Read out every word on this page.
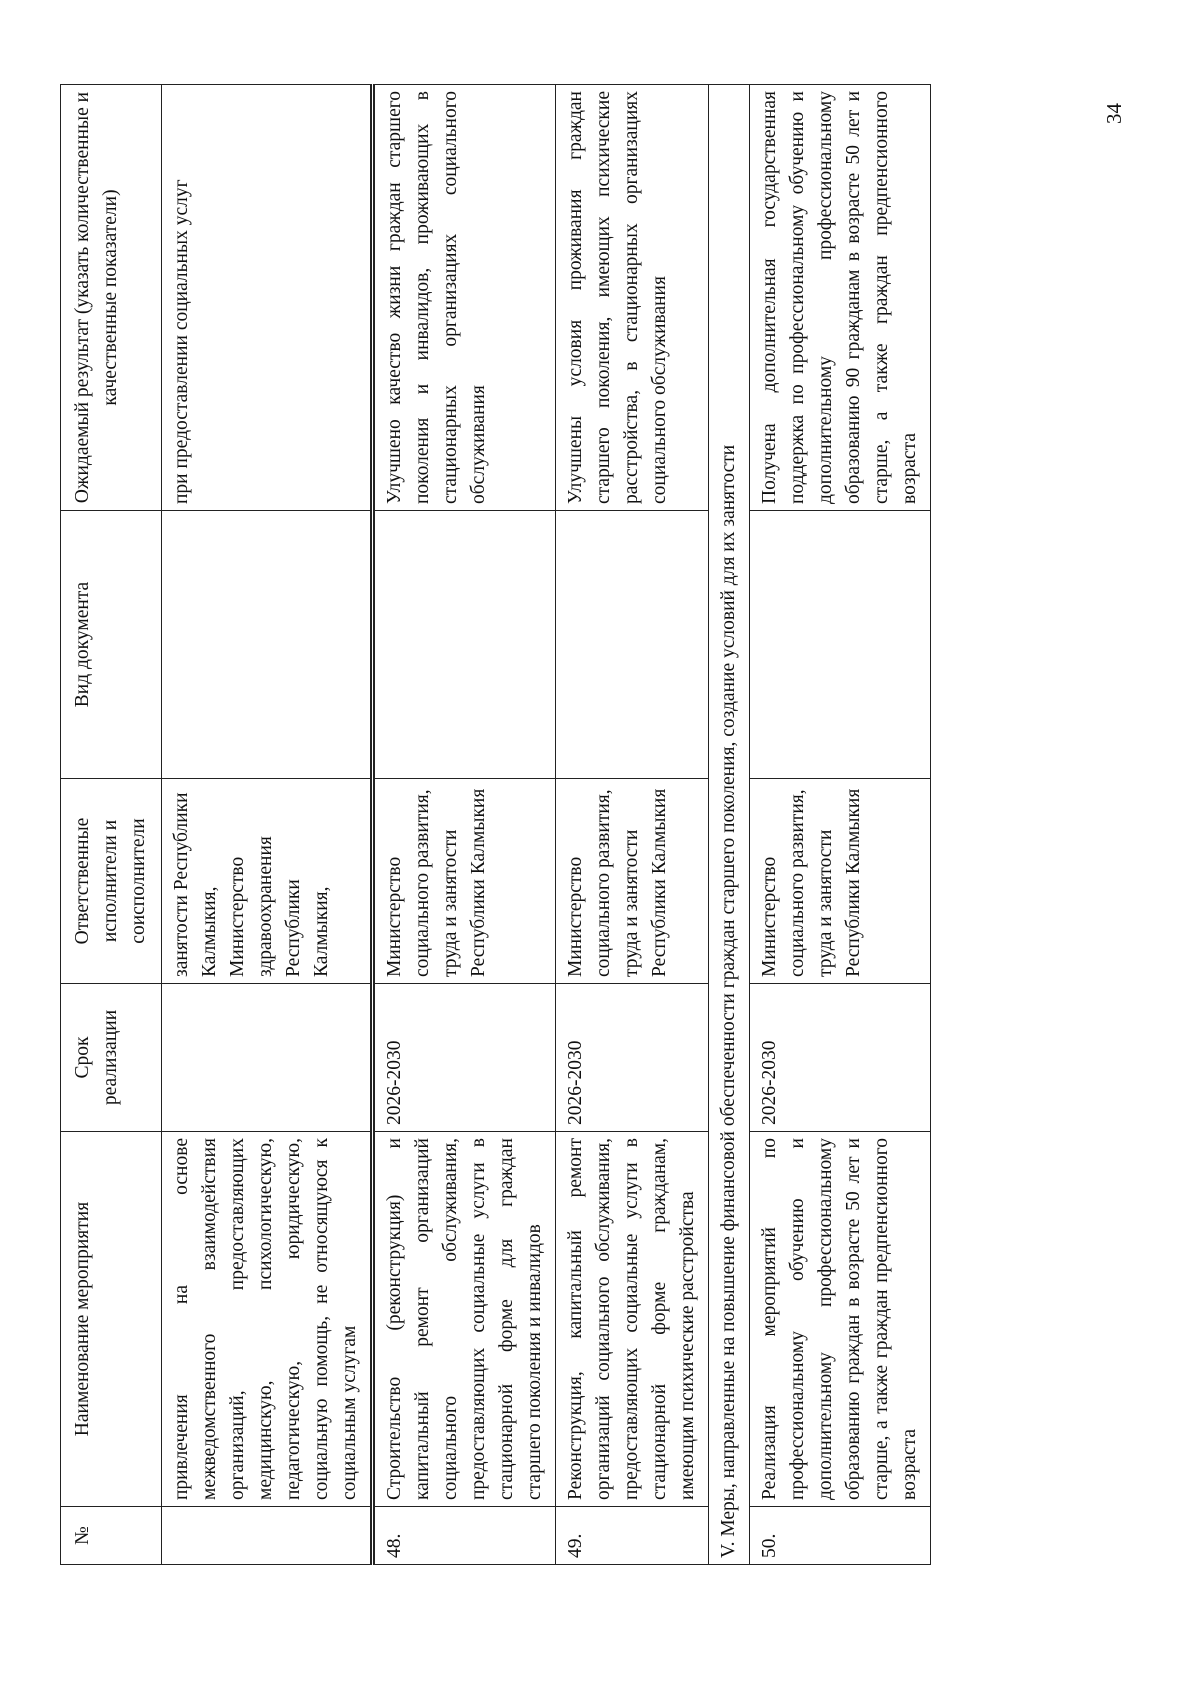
№	Наименование мероприятия	Срок реализации	Ответственные исполнители и соисполнители	Вид документа	Ожидаемый результат (указать количественные и качественные показатели)
	привлечения на основе межведомственного взаимодействия организаций, предоставляющих медицинскую, психологическую, педагогическую, юридическую, социальную помощь, не относящуюся к социальным услугам		занятости Республики Калмыкия, Министерство здравоохранения Республики Калмыкия,		при предоставлении социальных услуг
48.	Строительство (реконструкция) и капитальный ремонт организаций социального обслуживания, предоставляющих социальные услуги в стационарной форме для граждан старшего поколения и инвалидов	2026-2030	Министерство социального развития, труда и занятости Республики Калмыкия		Улучшено качество жизни граждан старшего поколения и инвалидов, проживающих в стационарных организациях социального обслуживания
49.	Реконструкция, капитальный ремонт организаций социального обслуживания, предоставляющих социальные услуги в стационарной форме гражданам, имеющим психические расстройства	2026-2030	Министерство социального развития, труда и занятости Республики Калмыкия		Улучшены условия проживания граждан старшего поколения, имеющих психические расстройства, в стационарных организациях социального обслуживания
V. Меры, направленные на повышение финансовой обеспеченности граждан старшего поколения, создание условий для их занятости					
50.	Реализация мероприятий по профессиональному обучению и дополнительному профессиональному образованию граждан в возрасте 50 лет и старше, а также граждан предпенсионного возраста	2026-2030	Министерство социального развития, труда и занятости Республики Калмыкия		Получена дополнительная государственная поддержка по профессиональному обучению и дополнительному профессиональному образованию 90 гражданам в возрасте 50 лет и старше, а также граждан предпенсионного возраста
34
